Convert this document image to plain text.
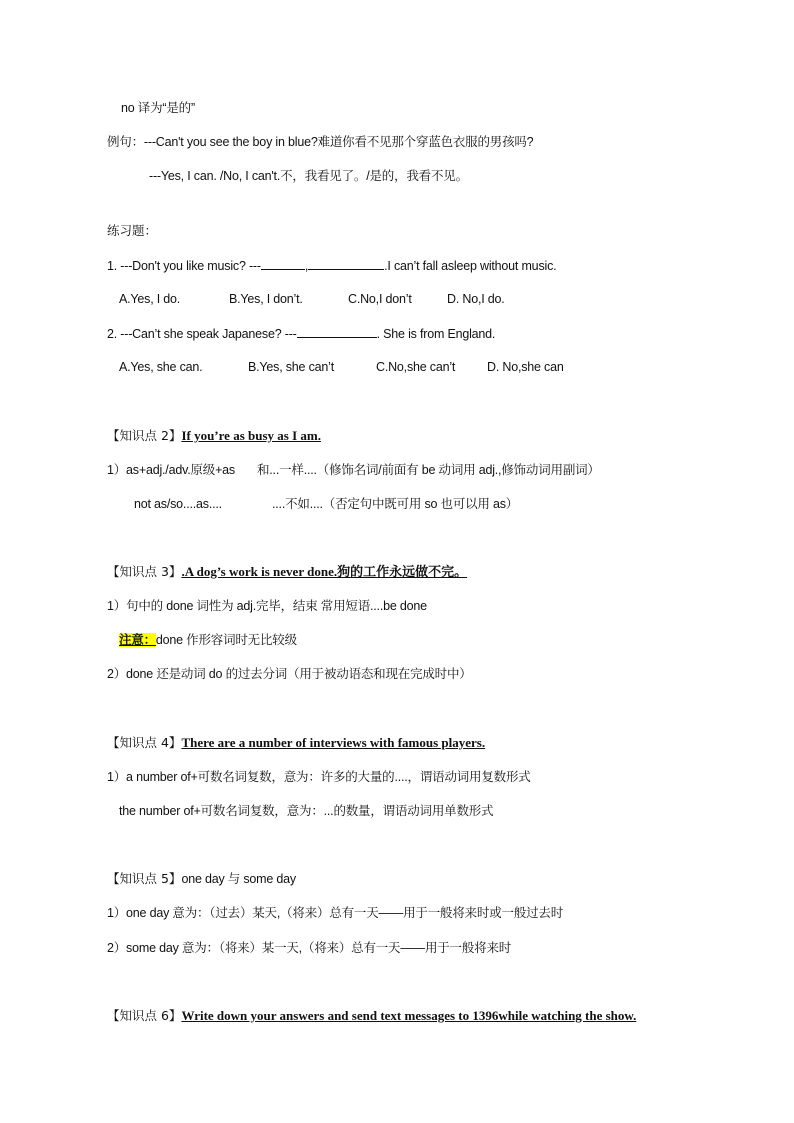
no 译为“是的”
例句：---Can't you see the boy in blue?难道你看不见那个穿蓝色衣服的男孩吗?
---Yes, I can. /No, I can't.不，我看见了。/是的，我看不见。
练习题：
1. ---Don't you like music? ---	,	.I can’t fall asleep without music.
A.Yes, I do.	B.Yes, I don’t.	C.No,I don’t	D. No,I do.
2. ---Can’t she speak Japanese? ---	. She is from England.
A.Yes, she can.	B.Yes, she can’t	C.No,she can’t	D. No,she can
【知识点 2】If you’re as busy as I am.
1）as+adj./adv.原级+as 和...一样....（修饰名词/前面有 be 动词用 adj.,修饰动词用副词）
not as/so....as....	....不如....（否定句中既可用 so 也可以用 as）
【知识点 3】.A dog’s work is never done.狗的工作永远做不完。
1）句中的 done 词性为 adj.完毕，结束 常用短语....be done
注意：done 作形容词时无比较级
2）done 还是动词 do 的过去分词（用于被动语态和现在完成时中）
【知识点 4】There are a number of interviews with famous players.
1）a number of+可数名词复数，意为：许多的大量的....，谓语动词用复数形式
the number of+可数名词复数，意为：...的数量，谓语动词用单数形式
【知识点 5】one day 与 some day
1）one day 意为：（过去）某天,（将来）总有一天——用于一般将来时或一般过去时
2）some day 意为：（将来）某一天,（将来）总有一天——用于一般将来时
【知识点 6】Write down your answers and send text messages to 1396while watching the show.
